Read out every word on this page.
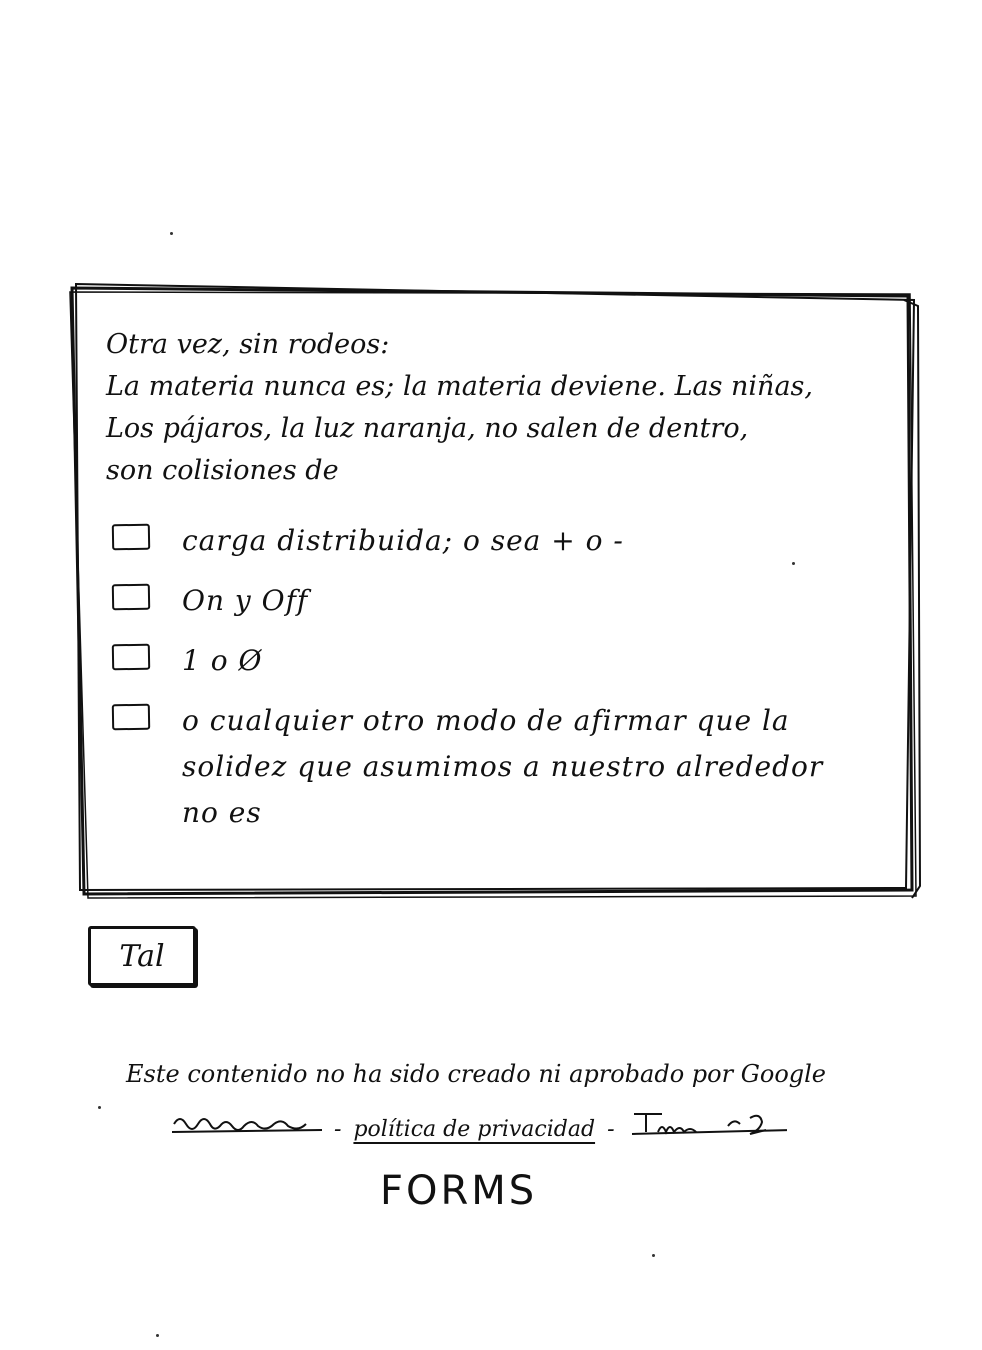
Otra vez, sin rodeos:
La materia nunca es; la materia deviene. Las niñas,
Los pájaros, la luz naranja, no salen de dentro,
son colisiones de
carga distribuida; o sea + o -
On y Off
1 o Ø
o cualquier otro modo de afirmar que la solidez que asumimos a nuestro alrededor no es
Tal
Este contenido no ha sido creado ni aprobado por Google
- política de privacidad -
FORMS
